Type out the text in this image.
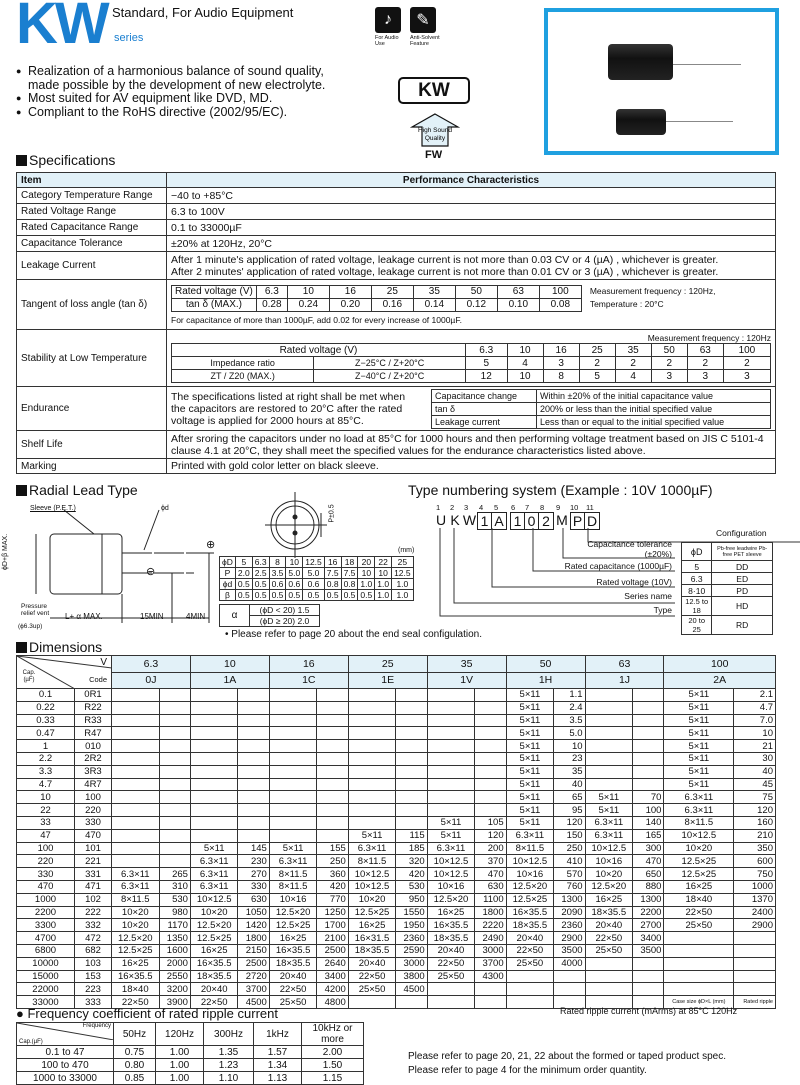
KW Standard, For Audio Equipment
series
● Realization of a harmonious balance of sound quality,
made possible by the development of new electrolyte.
● Most suited for AV equipment like DVD, MD.
● Compliant to the RoHS directive (2002/95/EC).
♪
For Audio Use
✎
Anti-Solvent Feature
KW
High Sound
Quality
FW
Specifications
Item	Performance Characteristics
Category Temperature Range	−40 to +85°C
Rated Voltage Range	6.3 to 100V
Rated Capacitance Range	0.1 to 33000µF
Capacitance Tolerance	±20% at 120Hz, 20°C
Leakage Current	After 1 minute's application of rated voltage, leakage current is not more than 0.03 CV or 4 (µA) , whichever is greater.
After 2 minutes' application of rated voltage, leakage current is not more than 0.01 CV or 3 (µA) , whichever is greater.

Tangent of loss angle (tan δ)	
Rated voltage (V)	6.3	10	16	25	35	50	63	100
tan δ (MAX.)	0.28	0.24	0.20	0.16	0.14	0.12	0.10	0.08
Measurement frequency : 120Hz,
Temperature : 20°C
For capacitance of more than 1000µF, add 0.02 for every increase of 1000µF.

Stability at Low Temperature	
Measurement frequency : 120Hz
Rated voltage (V)	6.3	10	16	25	35	50	63	100
Impedance ratio	Z−25°C / Z+20°C	5	4	3	2	2	2	2	2
ZT / Z20 (MAX.)	Z−40°C / Z+20°C	12	10	8	5	4	3	3	3

Endurance	
The specifications listed at right shall be met when
the capacitors are restored to 20°C after the rated
voltage is applied for 2000 hours at 85°C.
Capacitance change	Within ±20% of the initial capacitance value
tan δ	200% or less than the initial specified value
Leakage current	Less than or equal to the initial specified value

Shelf Life	After sroring the capacitors under no load at 85°C for 1000 hours and then performing voltage treatment based on JIS C 5101-4
clause 4.1 at 20°C, they shall meet the specified values for the endurance characteristics listed above.

Marking	Printed with gold color letter on black sleeve.
Radial Lead Type
Sleeve (P.E.T.)	ϕd
ϕD+β MAX.
Pressure
relief vent
(ϕ6.3up)
L+ α MAX.	15MIN	4MIN
⊕
⊖
P±0.5
(mm)
ϕD	5	6.3	8	10	12.5	16	18	20	22	25
P	2.0	2.5	3.5	5.0	5.0	7.5	7.5	10	10	12.5
ϕd	0.5	0.5	0.6	0.6	0.6	0.8	0.8	1.0	1.0	1.0
β	0.5	0.5	0.5	0.5	0.5	0.5	0.5	0.5	1.0	1.0
α	(ϕD < 20) 1.5
(ϕD ≥ 20) 2.0
• Please refer to page 20 about the end seal configulation.
Type numbering system (Example : 10V 1000µF)
1	2	3	4	5	6	7	8	9	10	11
U K W 1 A 1 0 2 M P D
Configuration
Capacitance tolerance (±20%)
Rated capacitance (1000µF)
Rated voltage (10V)
Series name
Type
ϕD	Pb-free leadwire Pb-free PET sleeve
5	DD
6.3	ED
8·10	PD
12.5 to 18	HD
20 to 25	RD
Dimensions
V
Cap. (µF) Code		6.3		10		16		25		35		50		63		100	
		0J		1A		1C		1E		1V		1H		1J		2A	
0.1	0R1											5×11	1.1			5×11	2.1
0.22	R22											5×11	2.4			5×11	4.7
0.33	R33											5×11	3.5			5×11	7.0
0.47	R47											5×11	5.0			5×11	10
1	010											5×11	10			5×11	21
2.2	2R2											5×11	23			5×11	30
3.3	3R3											5×11	35			5×11	40
4.7	4R7											5×11	40			5×11	45
10	100											5×11	65	5×11	70	6.3×11	75
22	220											5×11	95	5×11	100	6.3×11	120
33	330									5×11	105	5×11	120	6.3×11	140	8×11.5	160
47	470							5×11	115	5×11	120	6.3×11	150	6.3×11	165	10×12.5	210
100	101			5×11	145	5×11	155	6.3×11	185	6.3×11	200	8×11.5	250	10×12.5	300	10×20	350
220	221			6.3×11	230	6.3×11	250	8×11.5	320	10×12.5	370	10×12.5	410	10×16	470	12.5×25	600
330	331	6.3×11	265	6.3×11	270	8×11.5	360	10×12.5	420	10×12.5	470	10×16	570	10×20	650	12.5×25	750
470	471	6.3×11	310	6.3×11	330	8×11.5	420	10×12.5	530	10×16	630	12.5×20	760	12.5×20	880	16×25	1000
1000	102	8×11.5	530	10×12.5	630	10×16	770	10×20	950	12.5×20	1100	12.5×25	1300	16×25	1300	18×40	1370
2200	222	10×20	980	10×20	1050	12.5×20	1250	12.5×25	1550	16×25	1800	16×35.5	2090	18×35.5	2200	22×50	2400
3300	332	10×20	1170	12.5×20	1420	12.5×25	1700	16×25	1950	16×35.5	2220	18×35.5	2360	20×40	2700	25×50	2900
4700	472	12.5×20	1350	12.5×25	1800	16×25	2100	16×31.5	2360	18×35.5	2490	20×40	2900	22×50	3400		
6800	682	12.5×25	1600	16×25	2150	16×35.5	2500	18×35.5	2590	20×40	3000	22×50	3500	25×50	3500		
10000	103	16×25	2000	16×35.5	2500	18×35.5	2640	20×40	3000	22×50	3700	25×50	4000				
15000	153	16×35.5	2550	18×35.5	2720	20×40	3400	22×50	3800	25×50	4300						
22000	223	18×40	3200	20×40	3700	22×50	4200	25×50	4500								
33000	333	22×50	3900	22×50	4500	25×50	4800									Case size ϕD×L (mm)	Rated ripple
Rated ripple current (mArms) at 85°C 120Hz
● Frequency coefficient of rated ripple current
Frequency
Cap.(µF)	50Hz	120Hz	300Hz	1kHz	10kHz or more
0.1 to 47	0.75	1.00	1.35	1.57	2.00
100 to 470	0.80	1.00	1.23	1.34	1.50
1000 to 33000	0.85	1.00	1.10	1.13	1.15
Please refer to page 20, 21, 22 about the formed or taped product spec.
Please refer to page 4 for the minimum order quantity.
